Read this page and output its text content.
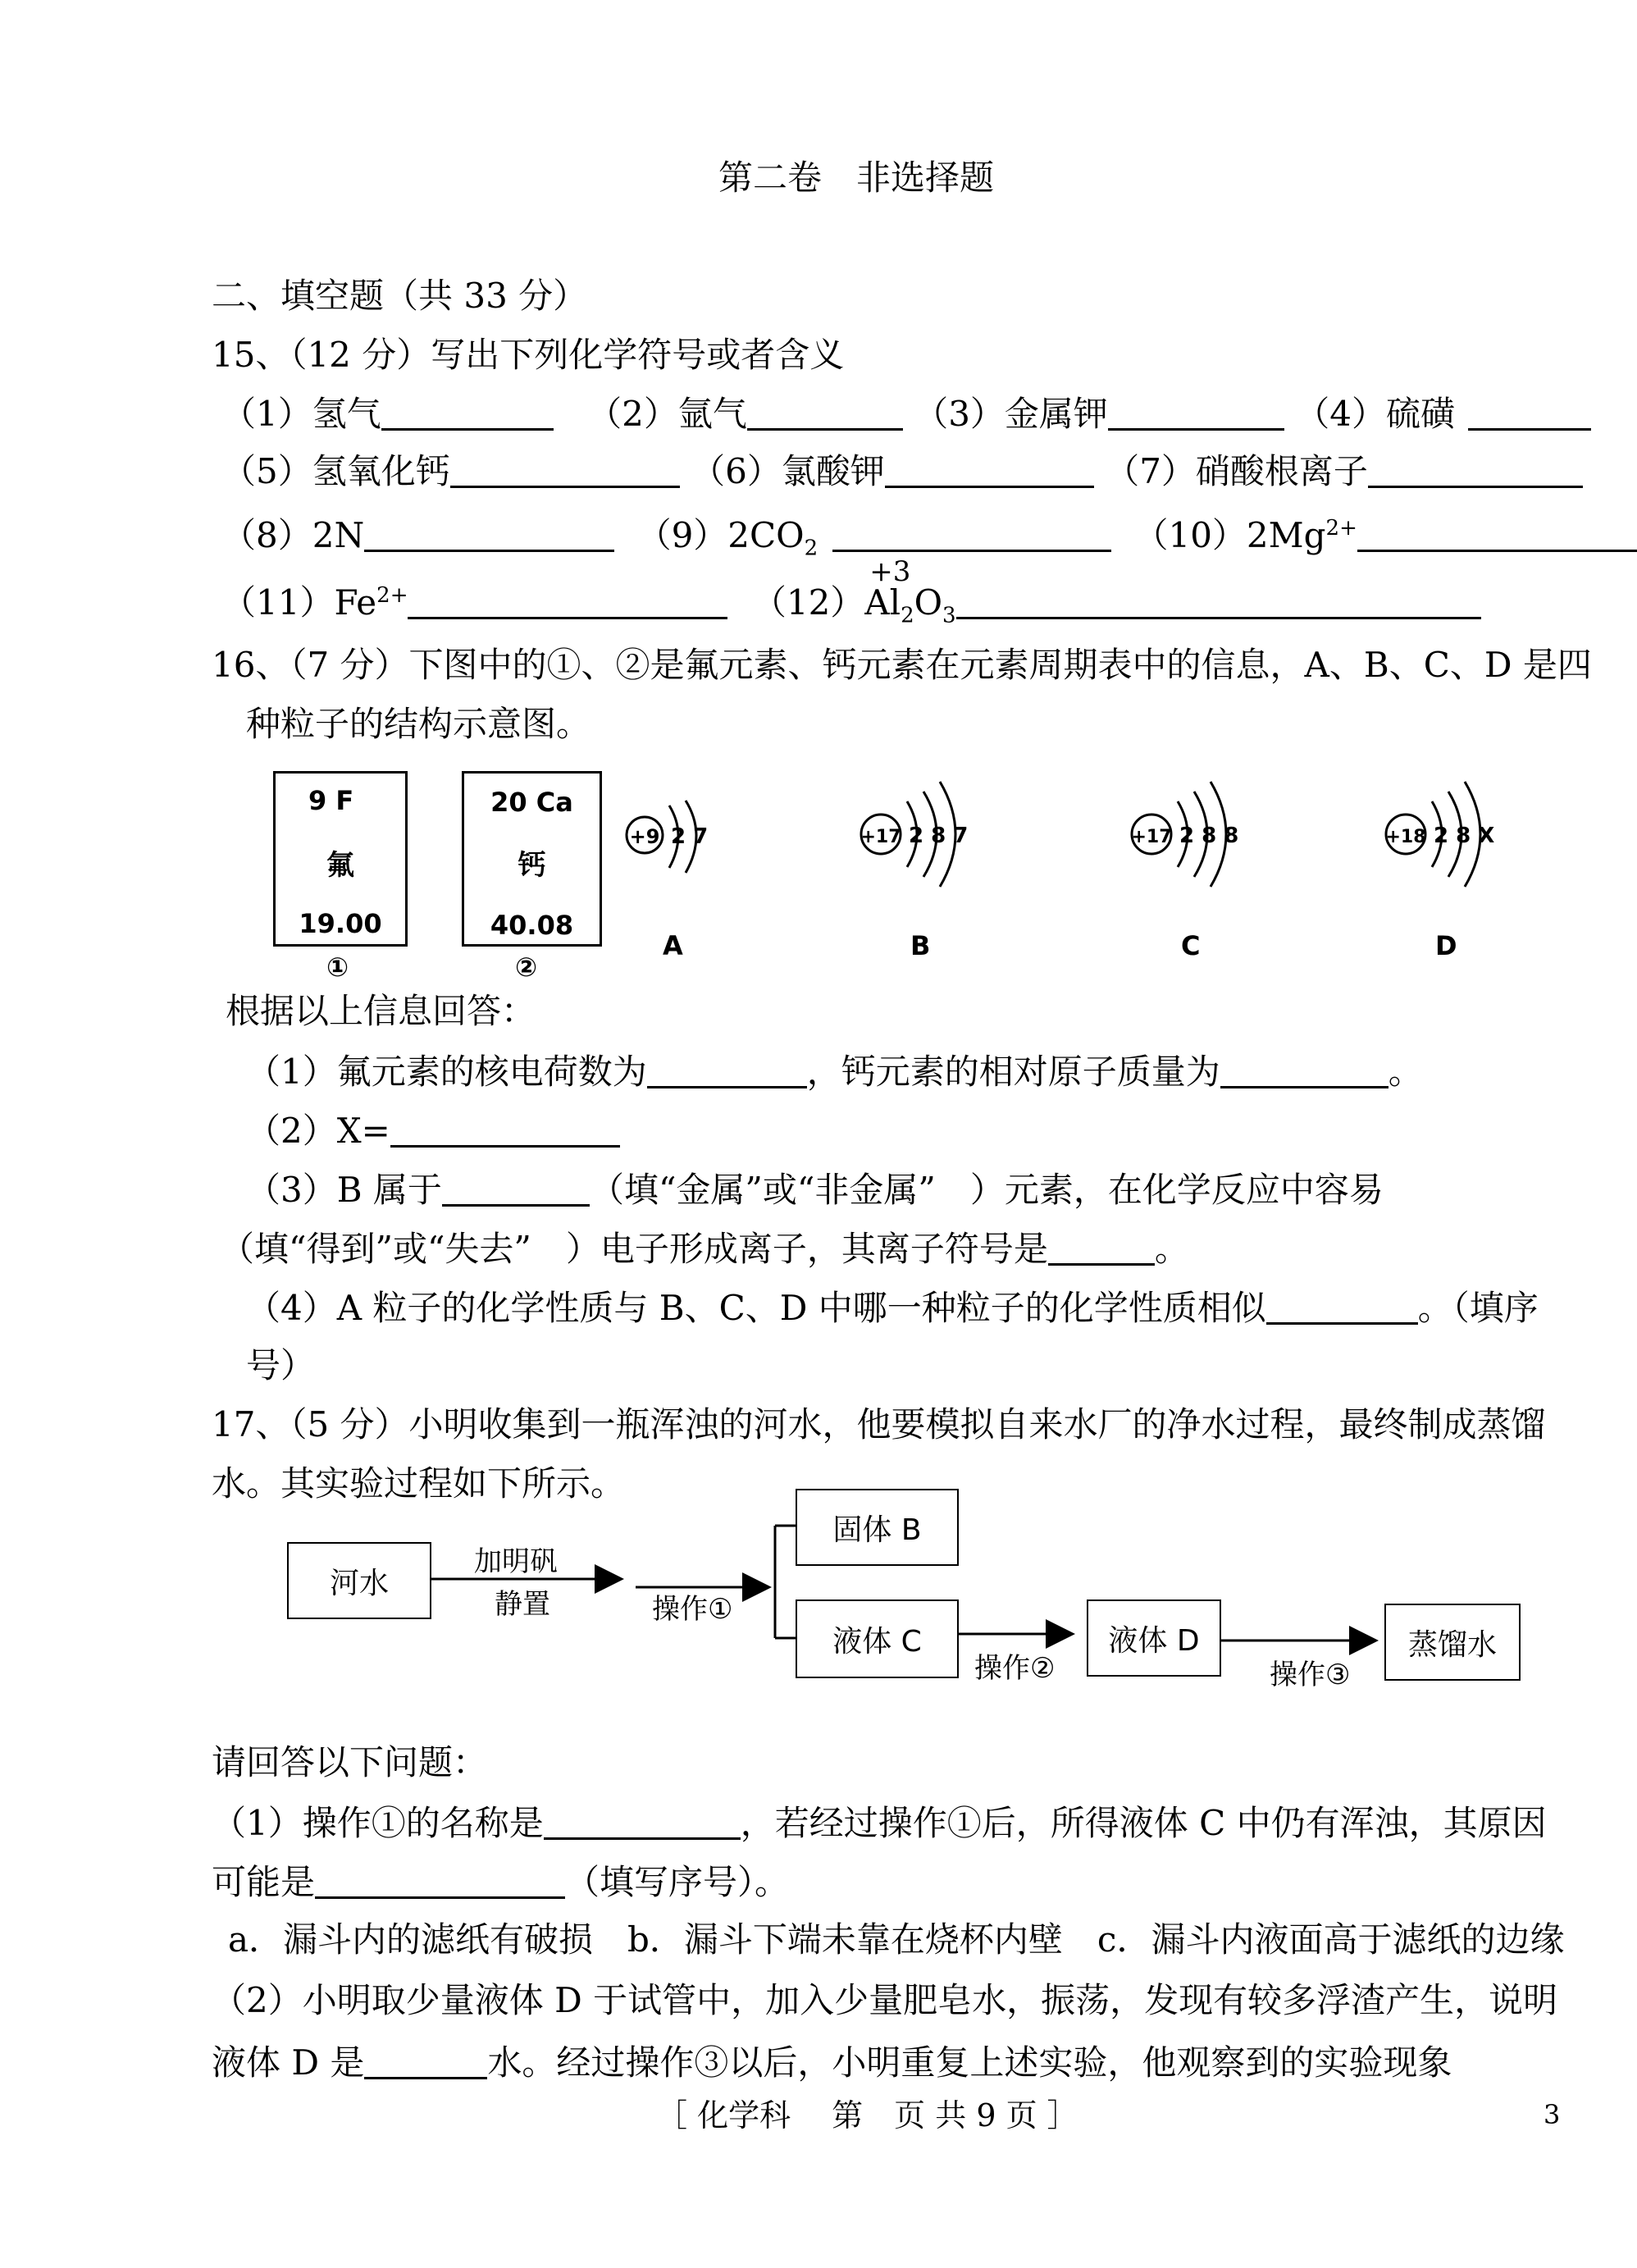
第二卷　非选择题
二、填空题（共 33 分）
15、（12 分）写出下列化学符号或者含义
（1）氢气	（2）氩气	（3）金属钾	（4）硫磺
（5）氢氧化钙	（6）氯酸钾	（7）硝酸根离子
（8）2N	$(9)2CO_2$	$(10)2Mg^{2+}$
$(11)Fe^{2+}$	（12）
+3
$Al_2O_3$
16、（7 分）下图中的①、②是氟元素、钙元素在元素周期表中的信息，A、B、C、D 是四
种粒子的结构示意图。
9 F
氟
19.00
①
20 Ca
钙
40.08
②
+9 2 7
A
+17 2 8 7
B
+17 2 8 8
C
+18 2 8 X
D
根据以上信息回答：
（1）氟元素的核电荷数为	，钙元素的相对原子质量为	。
（2）X=
（3）B 属于	（填“金属”或“非金属”　）元素，在化学反应中容易
（填“得到”或“失去”　）电子形成离子，其离子符号是	。
（4）A 粒子的化学性质与 B、C、D 中哪一种粒子的化学性质相似	。（填序
号）
17、（5 分）小明收集到一瓶浑浊的河水，他要模拟自来水厂的净水过程，最终制成蒸馏
水。其实验过程如下所示。
河水
加明矾
静置	操作①
固体 B
液体 C
操作②
液体 D
操作③
蒸馏水
请回答以下问题：
（1）操作①的名称是	，若经过操作①后，所得液体 C 中仍有浑浊，其原因
可能是	（填写序号）。
a．漏斗内的滤纸有破损　b．漏斗下端未靠在烧杯内壁　c．漏斗内液面高于滤纸的边缘
（2）小明取少量液体 D 于试管中，加入少量肥皂水，振荡，发现有较多浮渣产生，说明
液体 D 是	水。经过操作③以后，小明重复上述实验，他观察到的实验现象
［ 化学科　 第　页 共 9 页 ］	3
